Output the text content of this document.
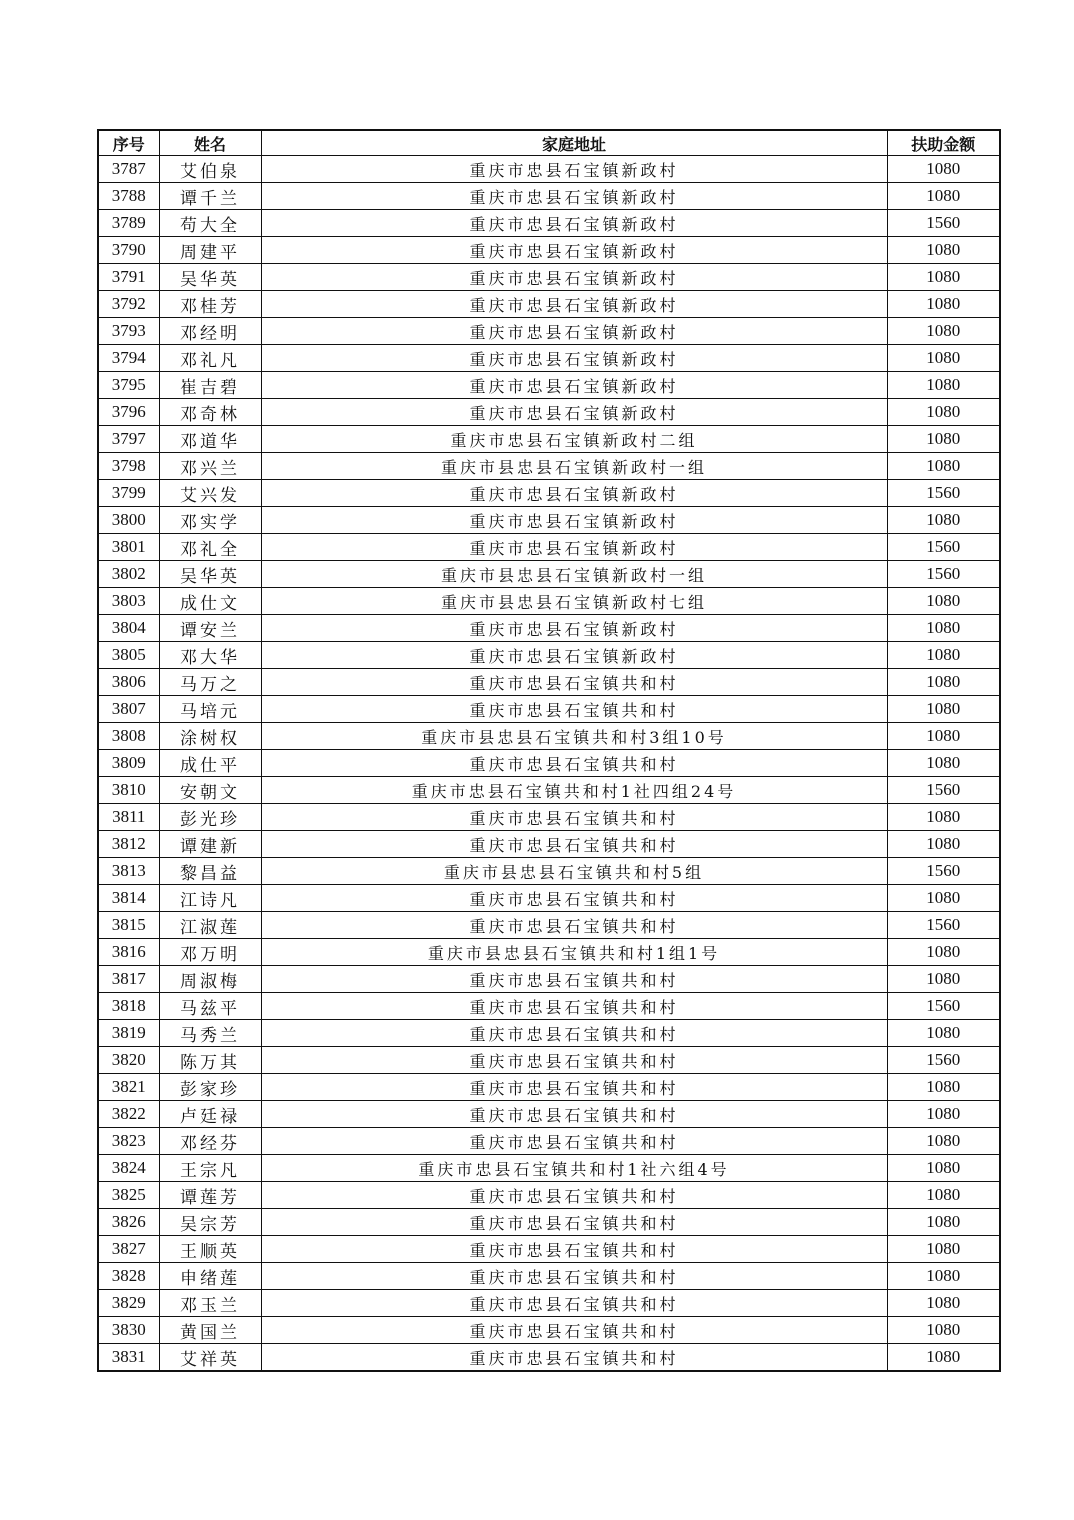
序号	姓名	家庭地址	扶助金额
3787	艾伯泉	重庆市忠县石宝镇新政村	1080
3788	谭千兰	重庆市忠县石宝镇新政村	1080
3789	苟大全	重庆市忠县石宝镇新政村	1560
3790	周建平	重庆市忠县石宝镇新政村	1080
3791	吴华英	重庆市忠县石宝镇新政村	1080
3792	邓桂芳	重庆市忠县石宝镇新政村	1080
3793	邓经明	重庆市忠县石宝镇新政村	1080
3794	邓礼凡	重庆市忠县石宝镇新政村	1080
3795	崔吉碧	重庆市忠县石宝镇新政村	1080
3796	邓奇林	重庆市忠县石宝镇新政村	1080
3797	邓道华	重庆市忠县石宝镇新政村二组	1080
3798	邓兴兰	重庆市县忠县石宝镇新政村一组	1080
3799	艾兴发	重庆市忠县石宝镇新政村	1560
3800	邓实学	重庆市忠县石宝镇新政村	1080
3801	邓礼全	重庆市忠县石宝镇新政村	1560
3802	吴华英	重庆市县忠县石宝镇新政村一组	1560
3803	成仕文	重庆市县忠县石宝镇新政村七组	1080
3804	谭安兰	重庆市忠县石宝镇新政村	1080
3805	邓大华	重庆市忠县石宝镇新政村	1080
3806	马万之	重庆市忠县石宝镇共和村	1080
3807	马培元	重庆市忠县石宝镇共和村	1080
3808	涂树权	重庆市县忠县石宝镇共和村3组10号	1080
3809	成仕平	重庆市忠县石宝镇共和村	1080
3810	安朝文	重庆市忠县石宝镇共和村1社四组24号	1560
3811	彭光珍	重庆市忠县石宝镇共和村	1080
3812	谭建新	重庆市忠县石宝镇共和村	1080
3813	黎昌益	重庆市县忠县石宝镇共和村5组	1560
3814	江诗凡	重庆市忠县石宝镇共和村	1080
3815	江淑莲	重庆市忠县石宝镇共和村	1560
3816	邓万明	重庆市县忠县石宝镇共和村1组1号	1080
3817	周淑梅	重庆市忠县石宝镇共和村	1080
3818	马兹平	重庆市忠县石宝镇共和村	1560
3819	马秀兰	重庆市忠县石宝镇共和村	1080
3820	陈万其	重庆市忠县石宝镇共和村	1560
3821	彭家珍	重庆市忠县石宝镇共和村	1080
3822	卢廷禄	重庆市忠县石宝镇共和村	1080
3823	邓经芬	重庆市忠县石宝镇共和村	1080
3824	王宗凡	重庆市忠县石宝镇共和村1社六组4号	1080
3825	谭莲芳	重庆市忠县石宝镇共和村	1080
3826	吴宗芳	重庆市忠县石宝镇共和村	1080
3827	王顺英	重庆市忠县石宝镇共和村	1080
3828	申绪莲	重庆市忠县石宝镇共和村	1080
3829	邓玉兰	重庆市忠县石宝镇共和村	1080
3830	黄国兰	重庆市忠县石宝镇共和村	1080
3831	艾祥英	重庆市忠县石宝镇共和村	1080
